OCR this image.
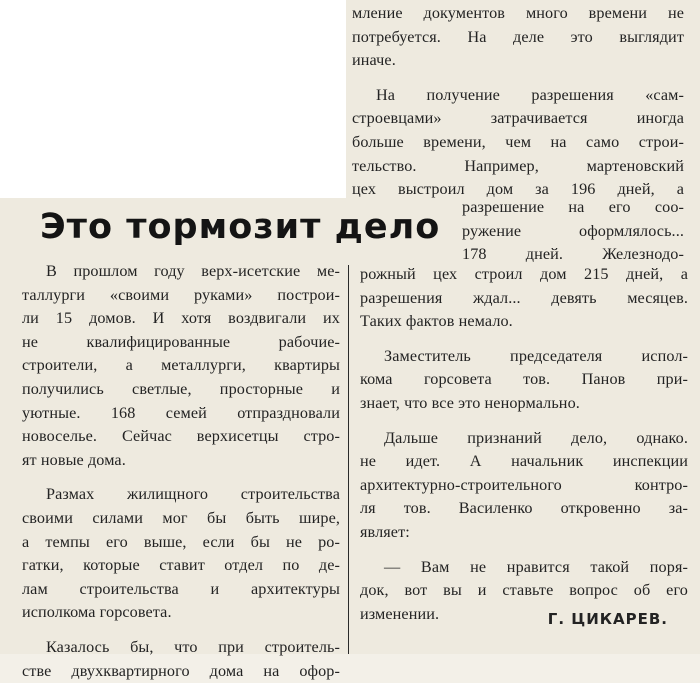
мление документов много времени не
потребуется. На деле это выглядит
иначе.
На получение разрешения «сам-
строевцами» затрачивается иногда
больше времени, чем на само строи-
тельство. Например, мартеновский
цех выстроил дом за 196 дней, а
разрешение на его соо-
ружение оформлялось...
178 дней. Железнодо-
рожный цех строил дом 215 дней, а
разрешения ждал... девять месяцев.
Таких фактов немало.
Заместитель председателя испол-
кома горсовета тов. Панов при-
знает, что все это ненормально.
Дальше признаний дело, однако.
не идет. А начальник инспекции
архитектурно-строительного контро-
ля тов. Василенко откровенно за-
являет:
— Вам не нравится такой поря-
док, вот вы и ставьте вопрос об его
изменении.
Это тормозит дело
В прошлом году верх-исетские ме-
таллурги «своими руками» построи-
ли 15 домов. И хотя воздвигали их
не квалифицированные рабочие-
строители, а металлурги, квартиры
получились светлые, просторные и
уютные. 168 семей отпраздновали
новоселье. Сейчас верхисетцы стро-
ят новые дома.
Размах жилищного строительства
своими силами мог бы быть шире,
а темпы его выше, если бы не ро-
гатки, которые ставит отдел по де-
лам строительства и архитектуры
исполкома горсовета.
Казалось бы, что при строитель-
стве двухквартирного дома на офор-
Г. ЦИКАРЕВ.
